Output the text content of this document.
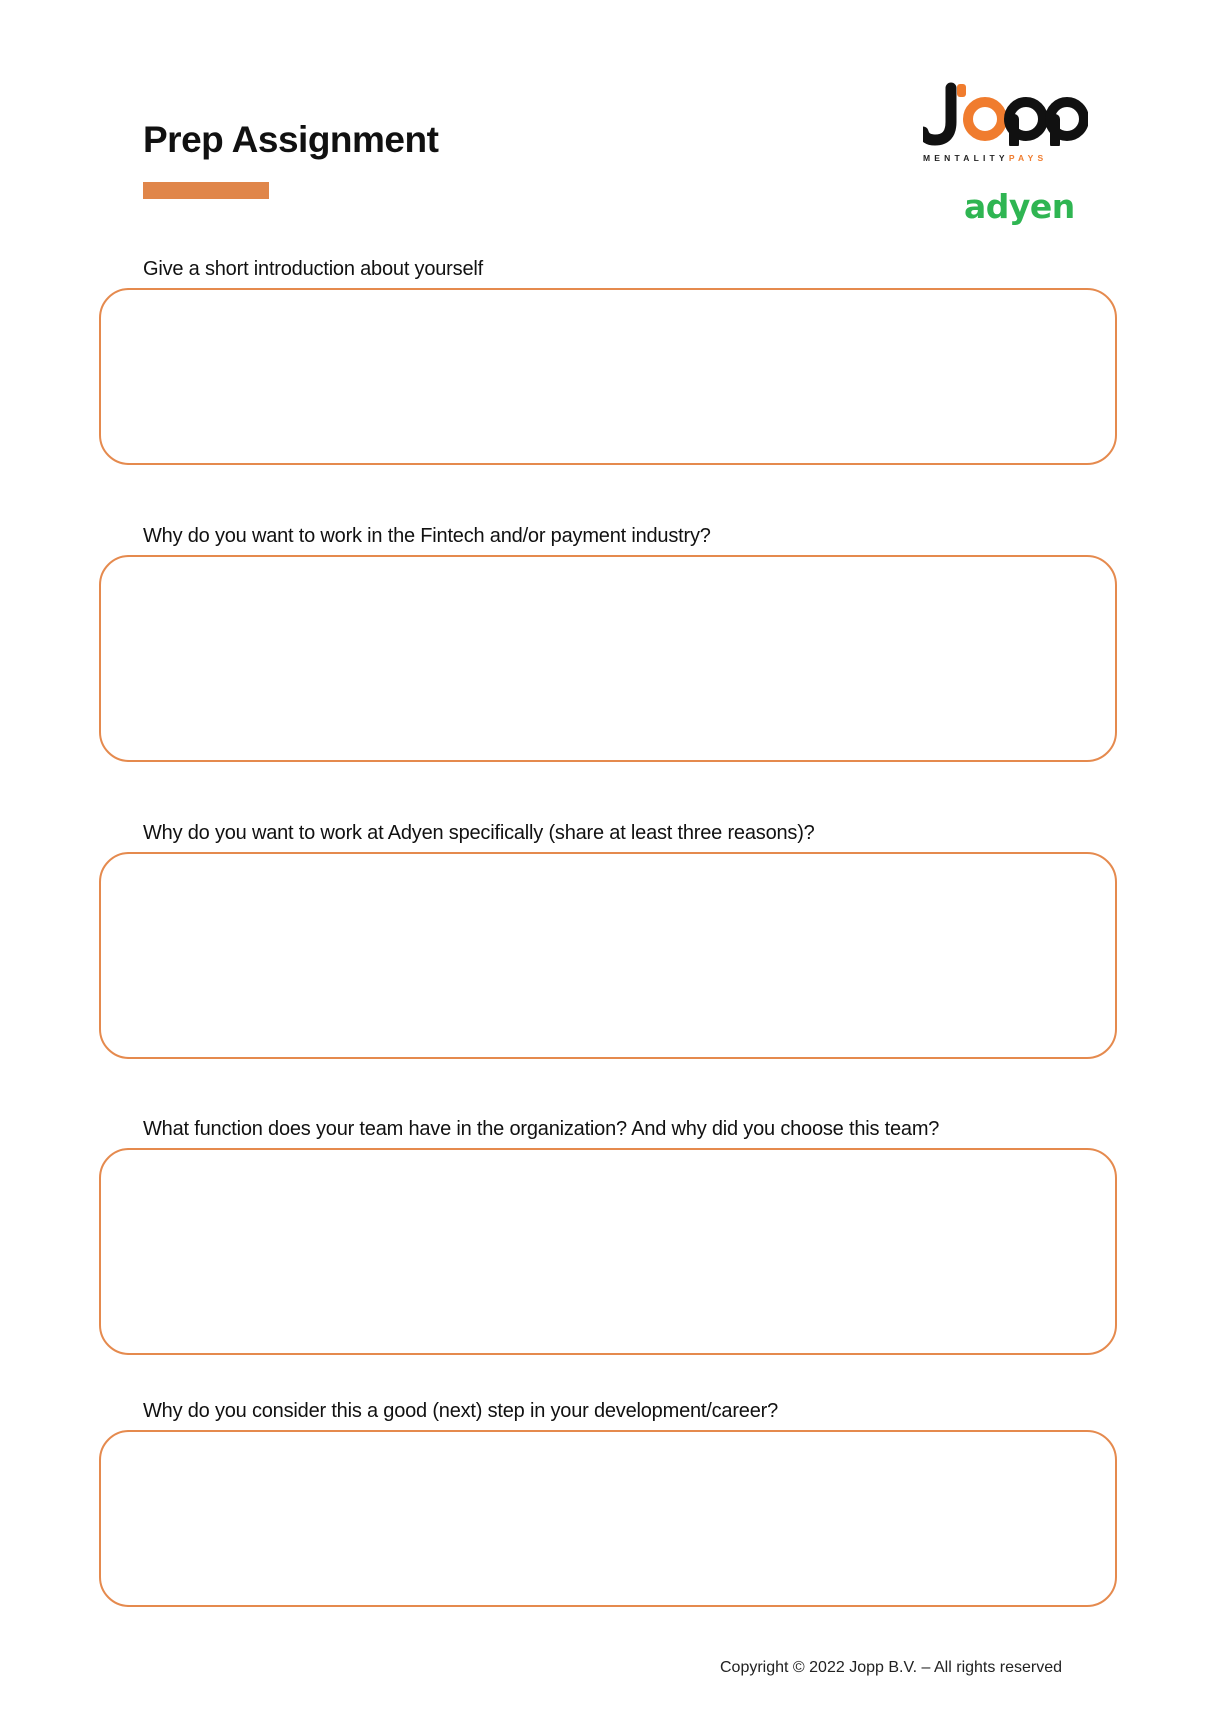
Prep Assignment	MENTALITYPAYS
adyen

Give a short introduction about yourself

Why do you want to work in the Fintech and/or payment industry?

Why do you want to work at Adyen specifically (share at least three reasons)?

What function does your team have in the organization? And why did you choose this team?

Why do you consider this a good (next) step in your development/career?

Copyright © 2022 Jopp B.V. – All rights reserved
